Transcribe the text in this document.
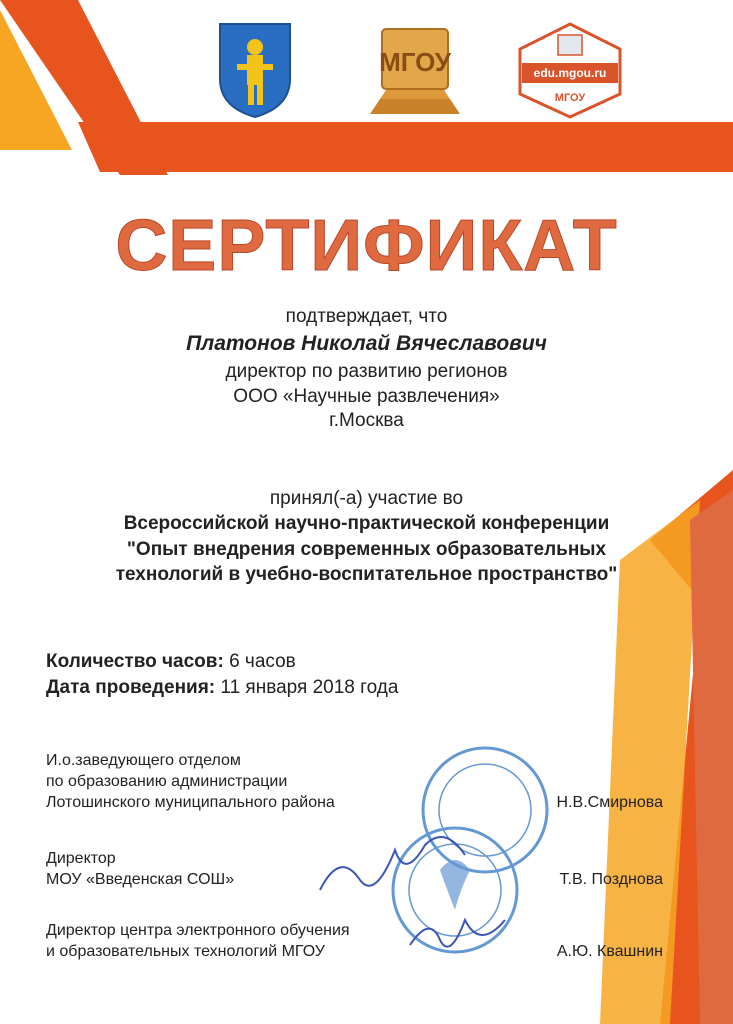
МГОУ	edu.mgou.ru
МГОУ
СЕРТИФИКАТ
подтверждает, что
Платонов Николай Вячеславович
директор по развитию регионов
ООО «Научные развлечения»
г.Москва
принял(-а) участие во
Всероссийской научно-практической конференции
"Опыт внедрения современных образовательных
технологий в учебно-воспитательное пространство"
Количество часов: 6 часов
Дата проведения: 11 января 2018 года
И.о.заведующего отделом
по образованию администрации
Лотошинского муниципального района	Н.В.Смирнова
Директор
МОУ «Введенская СОШ»	Т.В. Позднова
Директор центра электронного обучения
и образовательных технологий МГОУ	А.Ю. Квашнин
